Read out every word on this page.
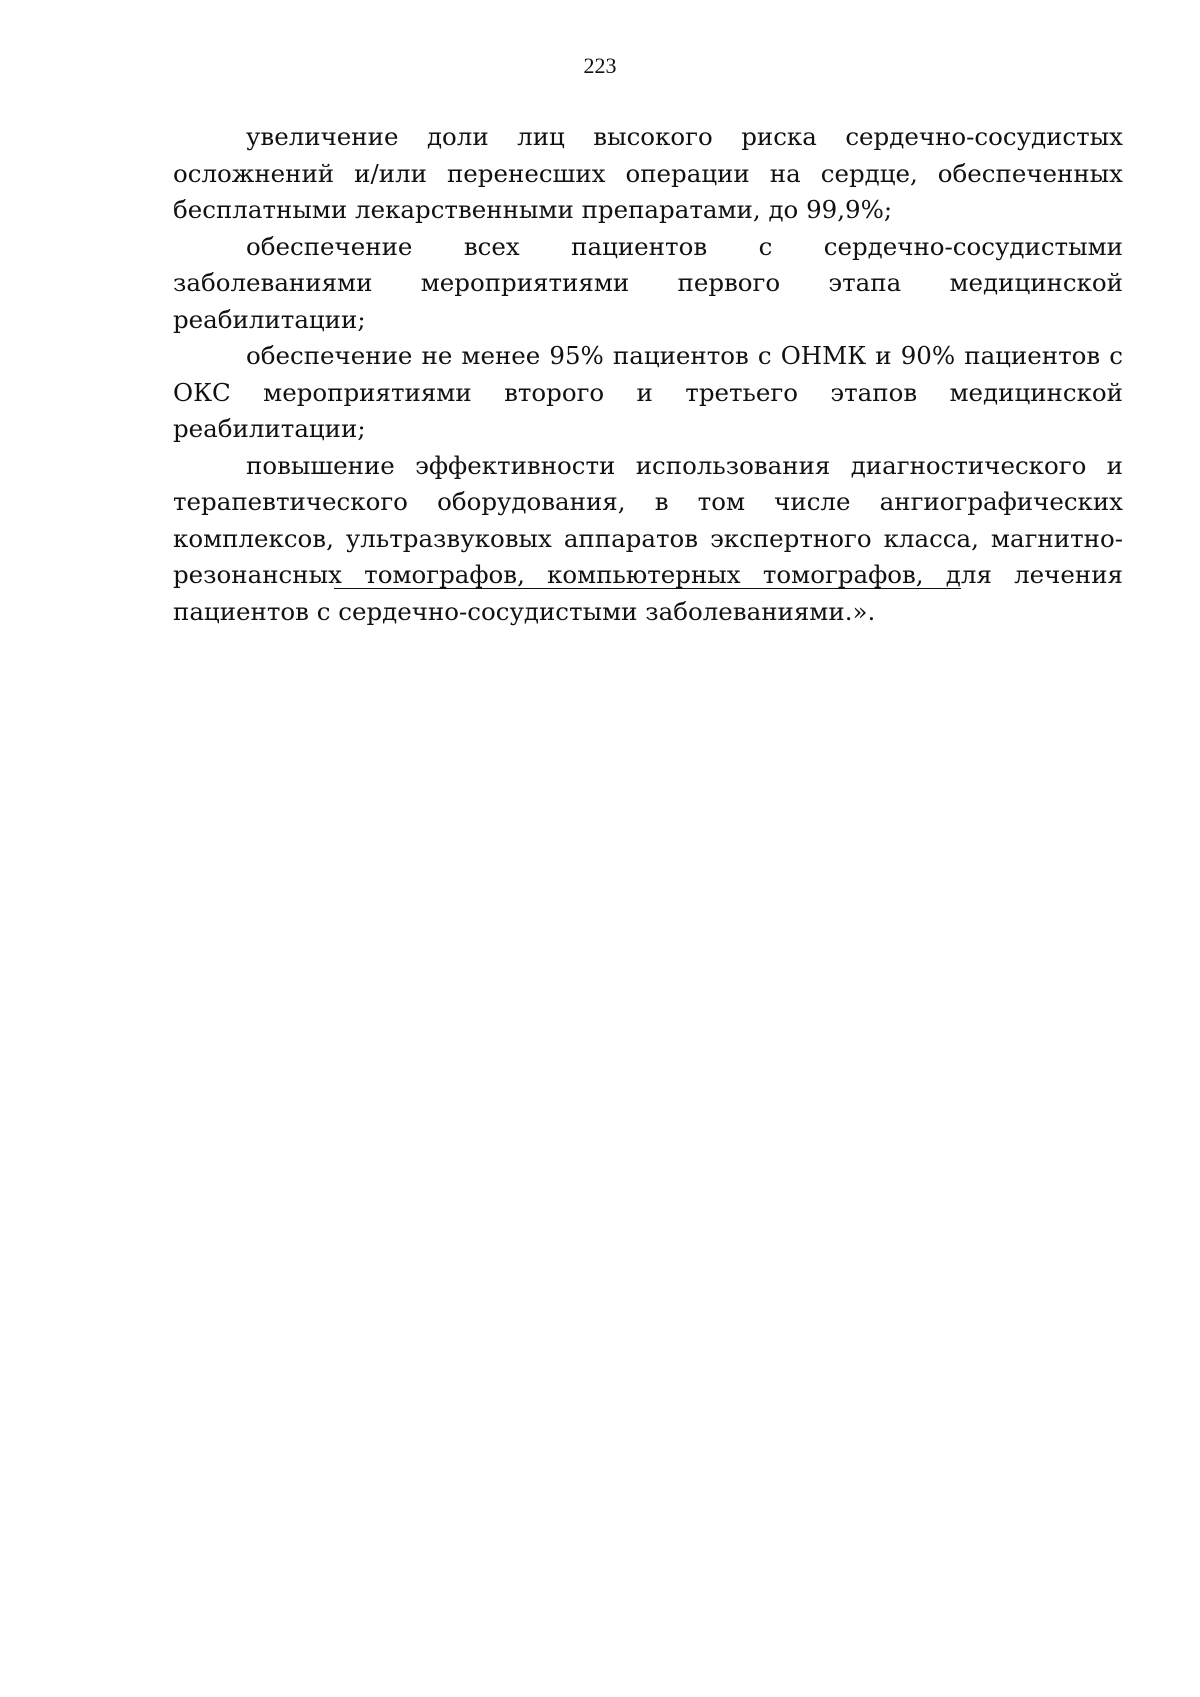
223

увеличение доли лиц высокого риска сердечно-сосудистых осложнений и/или перенесших операции на сердце, обеспеченных бесплатными лекарственными препаратами, до 99,9%;

обеспечение всех пациентов с сердечно-сосудистыми заболеваниями мероприятиями первого этапа медицинской реабилитации;

обеспечение не менее 95% пациентов с ОНМК и 90% пациентов с ОКС мероприятиями второго и третьего этапов медицинской реабилитации;

повышение эффективности использования диагностического и терапевтического оборудования, в том числе ангиографических комплексов, ультразвуковых аппаратов экспертного класса, магнитно-резонансных томографов, компьютерных томографов, для лечения пациентов с сердечно-сосудистыми заболеваниями.».
